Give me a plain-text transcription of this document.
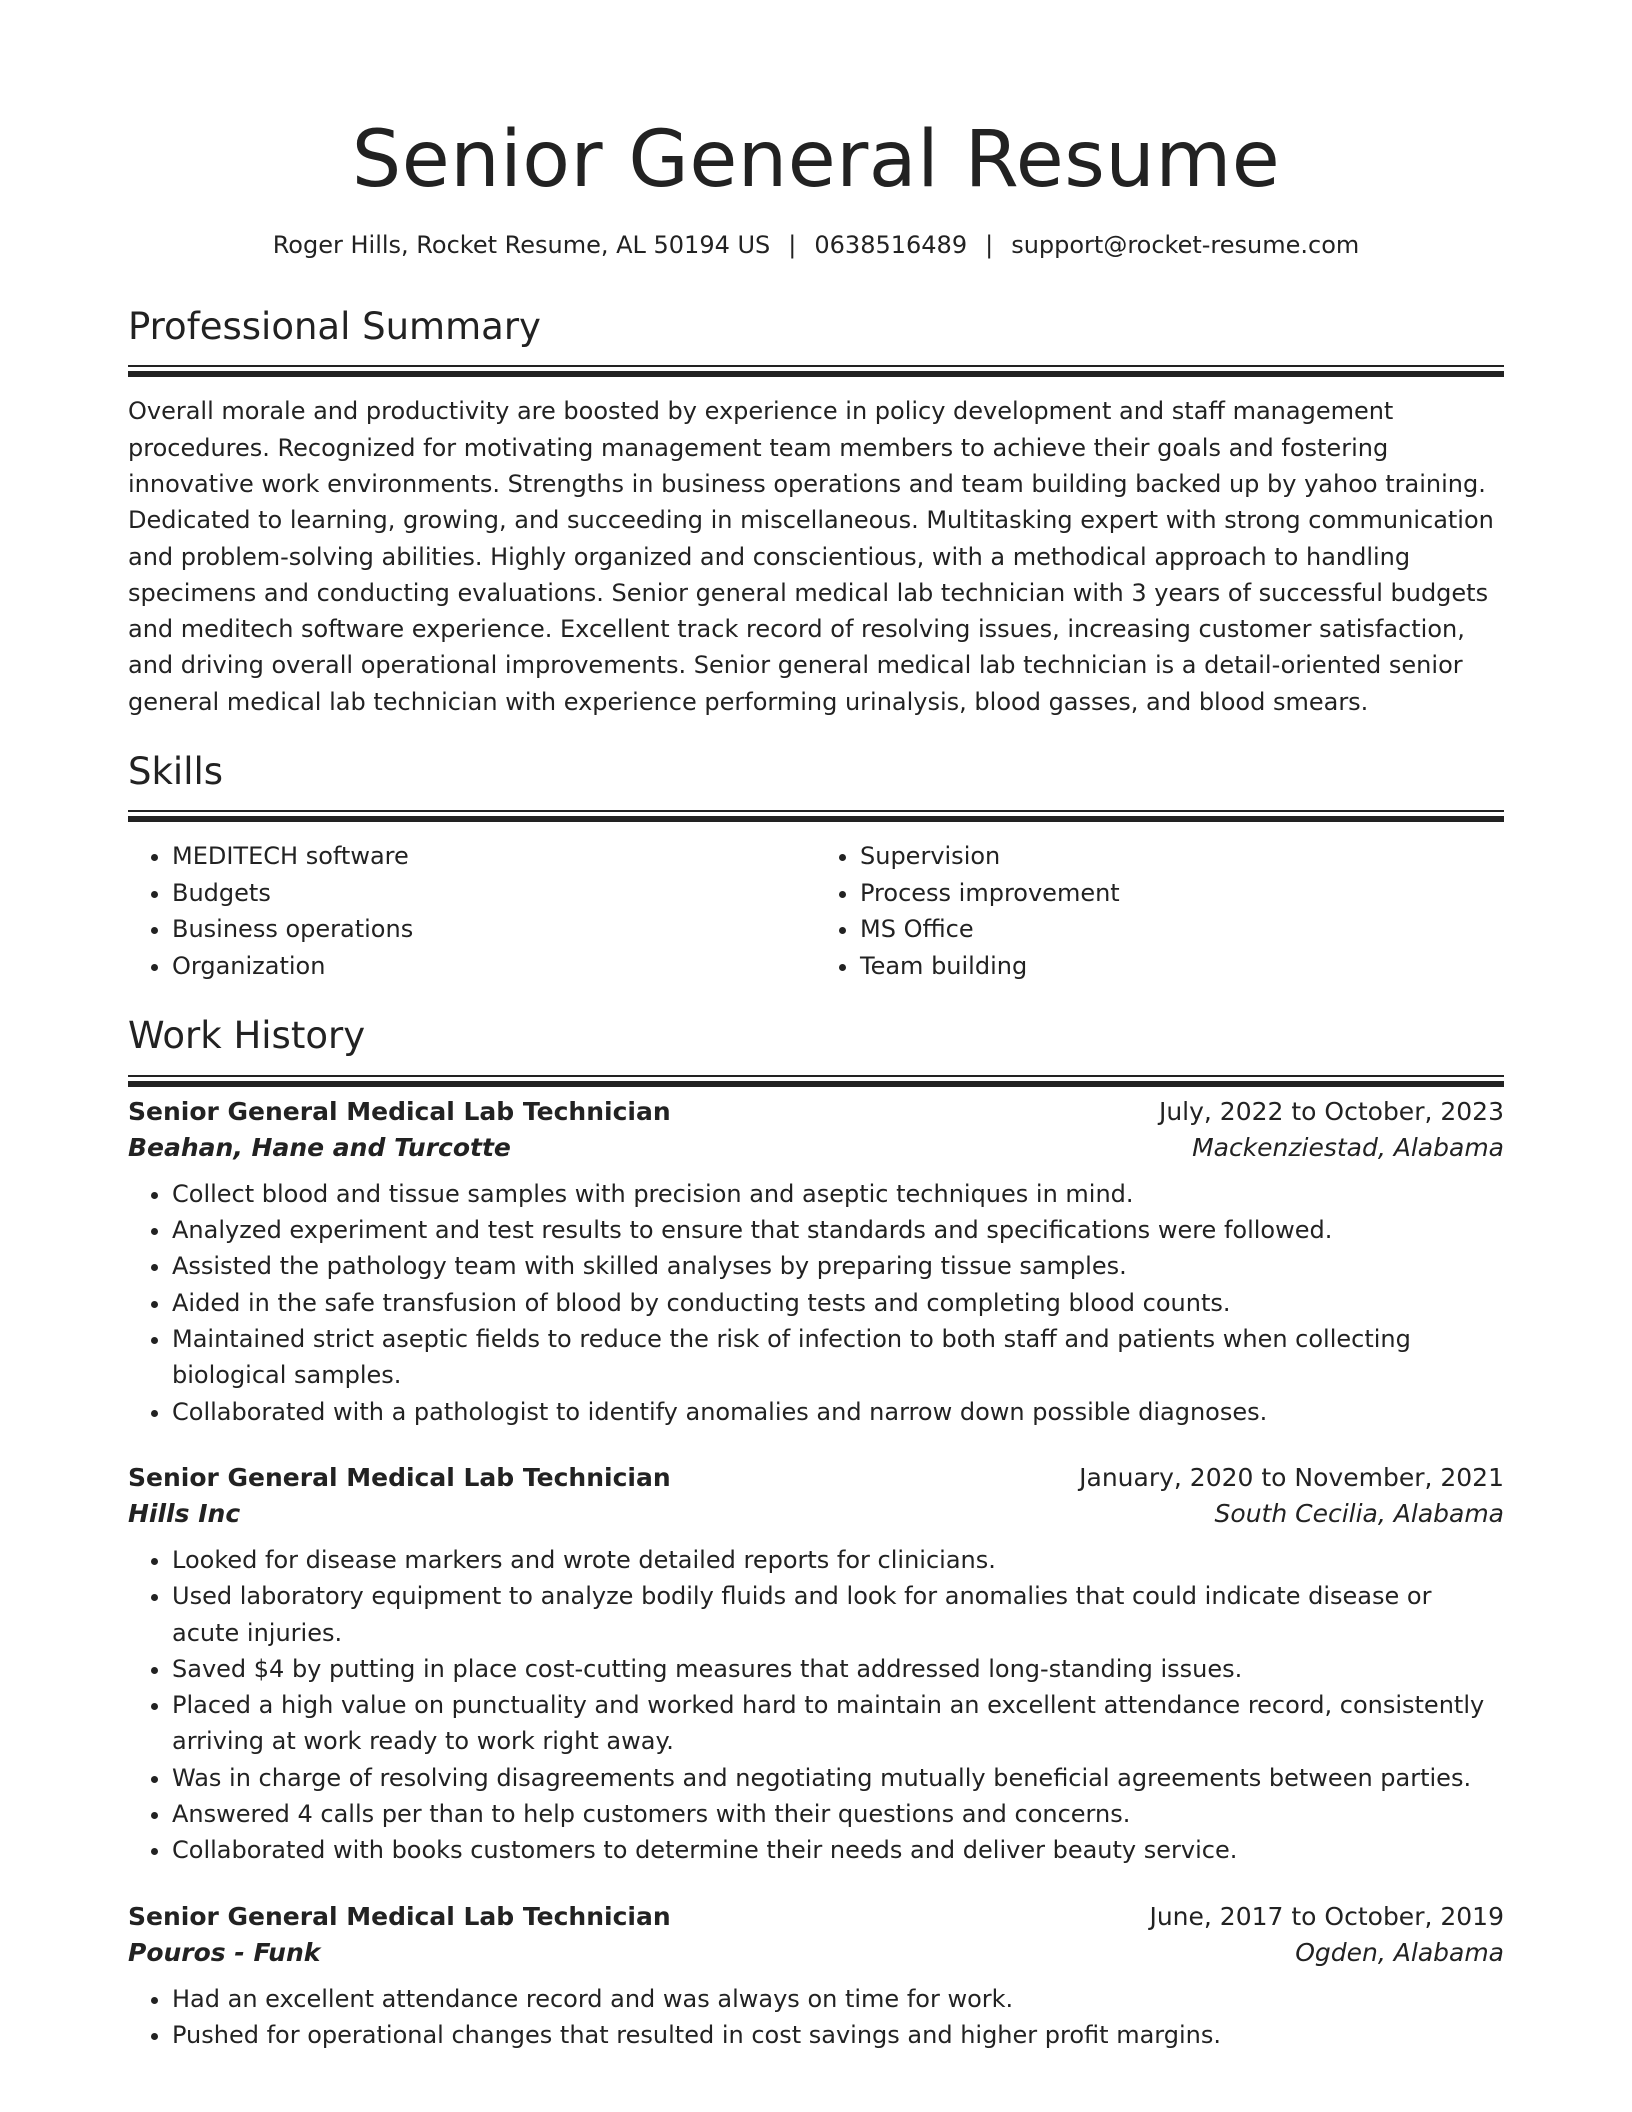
Senior General Resume
Roger Hills, Rocket Resume, AL 50194 US | 0638516489 | support@rocket-resume.com
Professional Summary

Overall morale and productivity are boosted by experience in policy development and staff management procedures. Recognized for motivating management team members to achieve their goals and fostering innovative work environments. Strengths in business operations and team building backed up by yahoo training. Dedicated to learning, growing, and succeeding in miscellaneous. Multitasking expert with strong communication and problem-solving abilities. Highly organized and conscientious, with a methodical approach to handling specimens and conducting evaluations. Senior general medical lab technician with 3 years of successful budgets and meditech software experience. Excellent track record of resolving issues, increasing customer satisfaction, and driving overall operational improvements. Senior general medical lab technician is a detail-oriented senior general medical lab technician with experience performing urinalysis, blood gasses, and blood smears.

Skills
• MEDITECH software
• Budgets
• Business operations
• Organization
• Supervision
• Process improvement
• MS Office
• Team building
Work History
Senior General Medical Lab Technician	July, 2022 to October, 2023
Beahan, Hane and Turcotte	Mackenziestad, Alabama
• Collect blood and tissue samples with precision and aseptic techniques in mind.
• Analyzed experiment and test results to ensure that standards and specifications were followed.
• Assisted the pathology team with skilled analyses by preparing tissue samples.
• Aided in the safe transfusion of blood by conducting tests and completing blood counts.
• Maintained strict aseptic fields to reduce the risk of infection to both staff and patients when collecting biological samples.
• Collaborated with a pathologist to identify anomalies and narrow down possible diagnoses.
Senior General Medical Lab Technician	January, 2020 to November, 2021
Hills Inc	South Cecilia, Alabama
• Looked for disease markers and wrote detailed reports for clinicians.
• Used laboratory equipment to analyze bodily fluids and look for anomalies that could indicate disease or acute injuries.
• Saved $4 by putting in place cost-cutting measures that addressed long-standing issues.
• Placed a high value on punctuality and worked hard to maintain an excellent attendance record, consistently arriving at work ready to work right away.
• Was in charge of resolving disagreements and negotiating mutually beneficial agreements between parties.
• Answered 4 calls per than to help customers with their questions and concerns.
• Collaborated with books customers to determine their needs and deliver beauty service.
Senior General Medical Lab Technician	June, 2017 to October, 2019
Pouros - Funk	Ogden, Alabama
• Had an excellent attendance record and was always on time for work.
• Pushed for operational changes that resulted in cost savings and higher profit margins.
